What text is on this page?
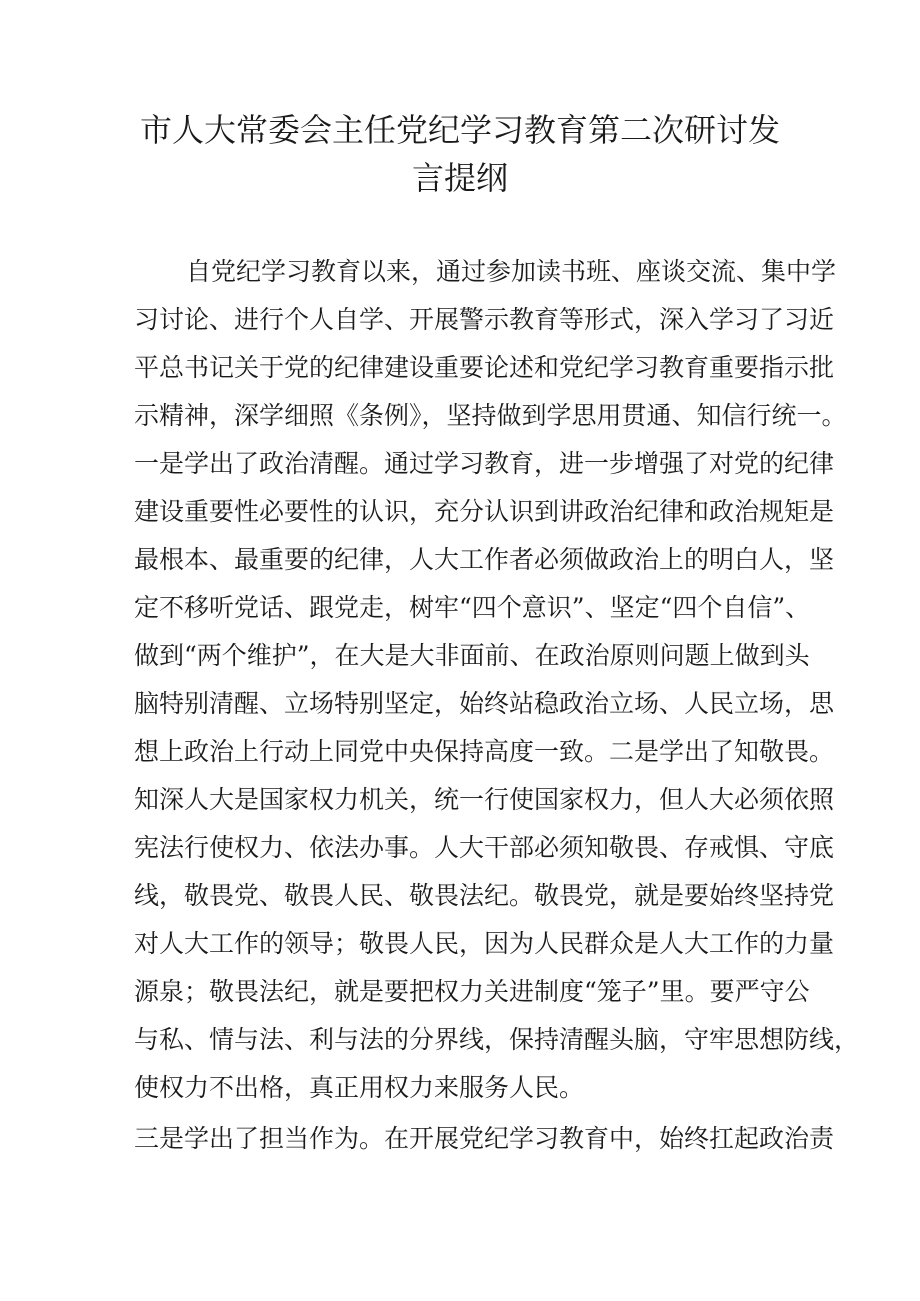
市人大常委会主任党纪学习教育第二次研讨发
言提纲

自党纪学习教育以来，通过参加读书班、座谈交流、集中学

习讨论、进行个人自学、开展警示教育等形式，深入学习了习近

平总书记关于党的纪律建设重要论述和党纪学习教育重要指示批

示精神，深学细照《条例》，坚持做到学思用贯通、知信行统一。

一是学出了政治清醒。通过学习教育，进一步增强了对党的纪律

建设重要性必要性的认识，充分认识到讲政治纪律和政治规矩是

最根本、最重要的纪律，人大工作者必须做政治上的明白人，坚

定不移听党话、跟党走，树牢“四个意识”、坚定“四个自信”、

做到“两个维护”，在大是大非面前、在政治原则问题上做到头

脑特别清醒、立场特别坚定，始终站稳政治立场、人民立场，思

想上政治上行动上同党中央保持高度一致。二是学出了知敬畏。

知深人大是国家权力机关，统一行使国家权力，但人大必须依照

宪法行使权力、依法办事。人大干部必须知敬畏、存戒惧、守底

线，敬畏党、敬畏人民、敬畏法纪。敬畏党，就是要始终坚持党

对人大工作的领导；敬畏人民，因为人民群众是人大工作的力量

源泉；敬畏法纪，就是要把权力关进制度“笼子”里。要严守公

与私、情与法、利与法的分界线，保持清醒头脑，守牢思想防线，

使权力不出格，真正用权力来服务人民。

三是学出了担当作为。在开展党纪学习教育中，始终扛起政治责
